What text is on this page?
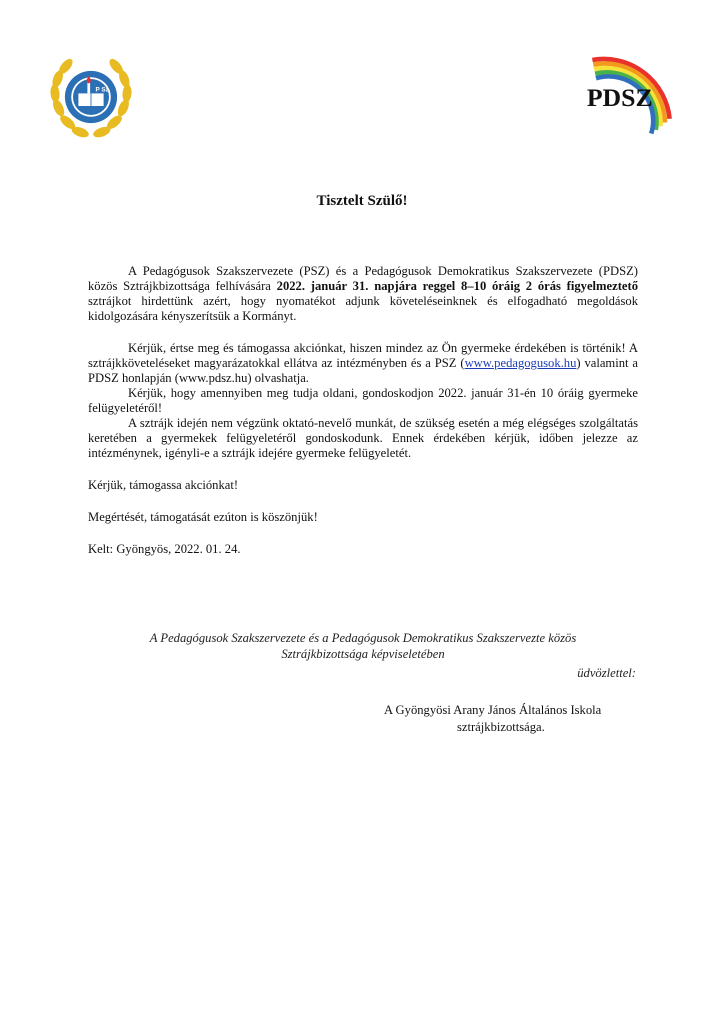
P Sz.	PDSZ
Tisztelt Szülő!

A Pedagógusok Szakszervezete (PSZ) és a Pedagógusok Demokratikus Szakszervezete (PDSZ) közös Sztrájkbizottsága felhívására 2022. január 31. napjára reggel 8–10 óráig 2 órás figyelmeztető sztrájkot hirdettünk azért, hogy nyomatékot adjunk követeléseinknek és elfogadható megoldások kidolgozására kényszerítsük a Kormányt.

Kérjük, értse meg és támogassa akciónkat, hiszen mindez az Ön gyermeke érdekében is történik! A sztrájkköveteléseket magyarázatokkal ellátva az intézményben és a PSZ (www.pedagogusok.hu) valamint a PDSZ honlapján (www.pdsz.hu) olvashatja.

Kérjük, hogy amennyiben meg tudja oldani, gondoskodjon 2022. január 31-én 10 óráig gyermeke felügyeletéről!

A sztrájk idején nem végzünk oktató-nevelő munkát, de szükség esetén a még elégséges szolgáltatás keretében a gyermekek felügyeletéről gondoskodunk. Ennek érdekében kérjük, időben jelezze az intézménynek, igényli-e a sztrájk idejére gyermeke felügyeletét.

Kérjük, támogassa akciónkat!

Megértését, támogatását ezúton is köszönjük!

Kelt: Gyöngyös, 2022. 01. 24.

A Pedagógusok Szakszervezete és a Pedagógusok Demokratikus Szakszervezte közös
Sztrájkbizottsága képviseletében
üdvözlettel:
A Gyöngyösi Arany János Általános Iskola
sztrájkbizottsága.
